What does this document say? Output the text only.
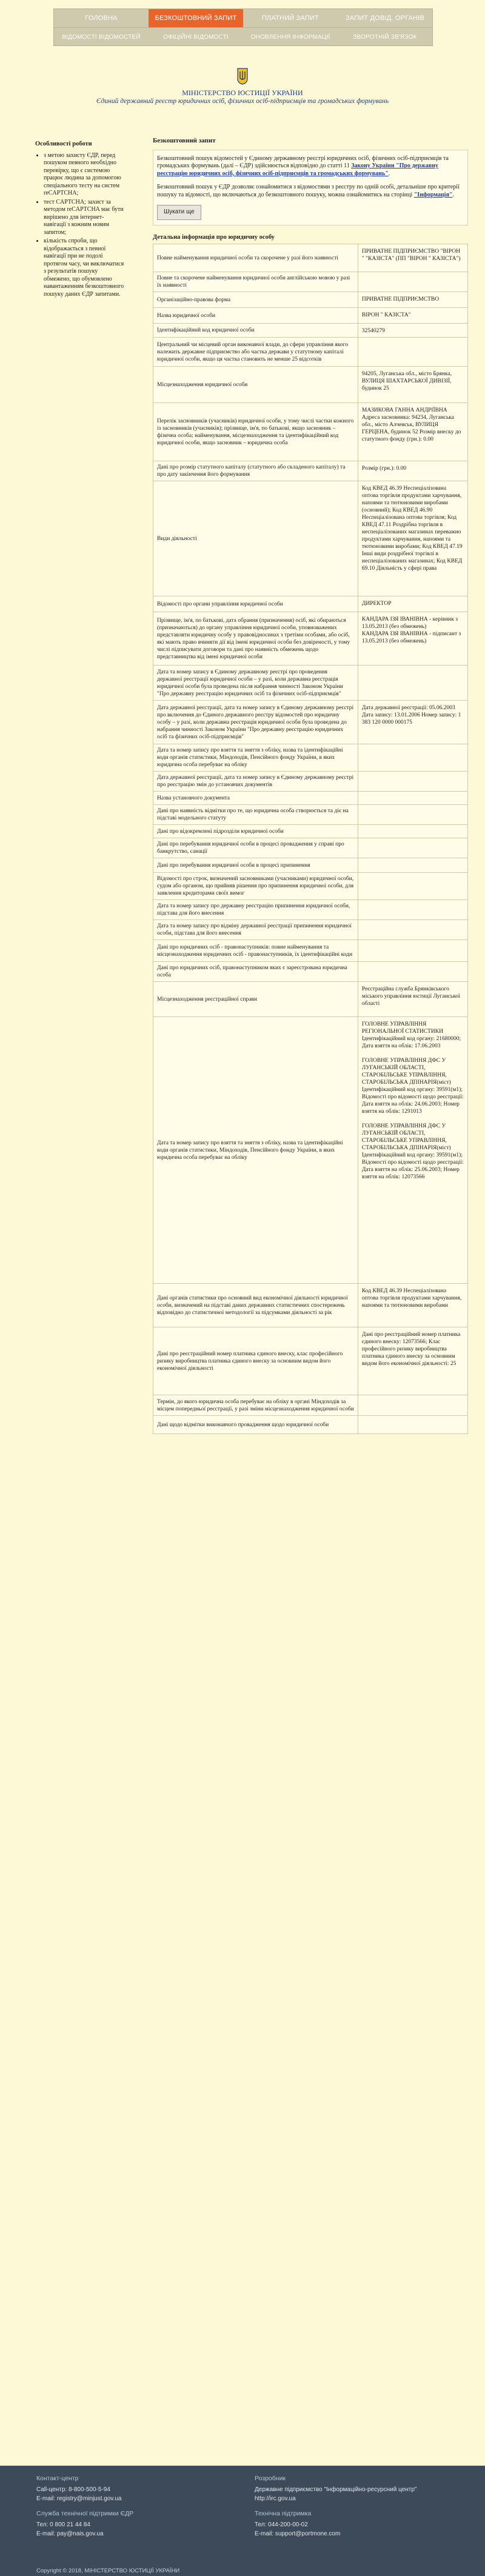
ГОЛОВНА	БЕЗКОШТОВНИЙ ЗАПИТ	ПЛАТНИЙ ЗАПИТ	ЗАПИТ ДОВІД. ОРГАНІВ
ВІДОМОСТІ ВІДОМОСТЕЙ	ОФІЦІЙНІ ВІДОМОСТІ	ОНОВЛЕННЯ ІНФОРМАЦІЇ	ЗВОРОТНІЙ ЗВ'ЯЗОК
МІНІСТЕРСТВО ЮСТИЦІЇ УКРАЇНИ
Єдиний державний реєстр юридичних осіб, фізичних осіб-підприємців та громадських формувань
Особливості роботи
• з метою захисту ЄДР, перед пошуком певного необхідно перевірку, що є системою працює людина за допомогою спеціального тесту на систем reCAPTCHA;
• тест CAPTCHA; захист за методом reCAPTCHA має бути вирішено для інтернет-навігації з кожним новим запитом;
• кількість спроби, що відображається з певної навігації при не подолі протягом часу, чи виключатися з результатів пошуку обмежено, що обумовлено навантаженням безкоштовного пошуку даних ЄДР запитами.
Безкоштовний запит

Безкоштовний пошук відомостей у Єдиному державному реєстрі юридичних осіб, фізичних осіб-підприємців та громадських формувань (далі – ЄДР) здійснюється відповідно до статті 11 Закону України "Про державну реєстрацію юридичних осіб, фізичних осіб-підприємців та громадських формувань".

Безкоштовний пошук у ЄДР дозволяє ознайомитися з відомостями з реєстру по одній особі, детальніше про критерії пошуку та відомості, що включаються до безкоштовного пошуку, можна ознайомитись на сторінці "Інформація".

Шукати ще
Детальна інформація про юридичну особу
Повне найменування юридичної особи та скорочене у разі його наявності	ПРИВАТНЕ ПІДПРИЄМСТВО "ВІРОН " "КАЗІСТА" (ПП "ВІРОН " КАЗІСТА")
Повне та скорочене найменування юридичної особи англійською мовою у разі їх наявності	
Організаційно-правова форма	ПРИВАТНЕ ПІДПРИЄМСТВО
Назва юридичної особи	ВІРОН " КАЗІСТА"
Ідентифікаційний код юридичної особи	32540279
Центральний чи місцевий орган виконавчої влади, до сфери управління якого належить державне підприємство або частка держави у статутному капіталі юридичної особи, якщо ця частка становить не менше 25 відсотків	
Місцезнаходження юридичної особи	94205, Луганська обл., місто Брянка, ВУЛИЦЯ ШАХТАРСЬКОЇ ДИВІЗІЇ, будинок 25
Перелік засновників (учасників) юридичної особи, у тому числі частки кожного із засновників (учасників); прізвище, ім'я, по батькові, якщо засновник – фізична особа; найменування, місцезнаходження та ідентифікаційний код юридичної особи, якщо засновник – юридична особа	МАЗИКОВА ГАННА АНДРІЇВНА Адреса засновника: 94234, Луганська обл., місто Алчевськ, ВУЛИЦЯ ГЕРЦЕНА, будинок 52 Розмір внеску до статутного фонду (грн.): 0.00
Дані про розмір статутного капіталу (статутного або складеного капіталу) та про дату закінчення його формування	Розмір (грн.): 0.00
Види діяльності	Код КВЕД 46.39 Неспеціалізована оптова торгівля продуктами харчування, напоями та тютюновими виробами (основний); Код КВЕД 46.90 Неспеціалізована оптова торгівля; Код КВЕД 47.11 Роздрібна торгівля в неспеціалізованих магазинах переважно продуктами харчування, напоями та тютюновими виробами; Код КВЕД 47.19 Інші види роздрібної торгівлі в неспеціалізованих магазинах; Код КВЕД 69.10 Діяльність у сфері права
Відомості про органи управління юридичної особи	ДИРЕКТОР
Прізвище, ім'я, по батькові, дата обрання (призначення) осіб, які обираються (призначаються) до органу управління юридичної особи, уповноважених представляти юридичну особу у правовідносинах з третіми особами, або осіб, які мають право вчиняти дії від імені юридичної особи без довіреності, у тому числі підписувати договори та дані про наявність обмежень щодо представництва від імені юридичної особи	КАНДАРА ІЗЯ ІВАНІВНА - керівник з 13.05.2013 (без обмежень)
КАНДАРА ІЗЯ ІВАНІВНА - підписант з 13.05.2013 (без обмежень)
Дата та номер запису в Єдиному державному реєстрі про проведення державної реєстрації юридичної особи – у разі, коли державна реєстрація юридичної особи була проведена після набрання чинності Законом України "Про державну реєстрацію юридичних осіб та фізичних осіб-підприємців"	
Дата державної реєстрації, дата та номер запису в Єдиному державному реєстрі про включення до Єдиного державного реєстру відомостей про юридичну особу – у разі, коли державна реєстрація юридичної особи була проведена до набрання чинності Законом України "Про державну реєстрацію юридичних осіб та фізичних осіб-підприємців"	Дата державної реєстрації: 05.06.2003 Дата запису: 13.01.2006 Номер запису: 1 383 120 0000 000175
Дата та номер запису про взяття та зняття з обліку, назва та ідентифікаційні коди органів статистики, Міндоходів, Пенсійного фонду України, в яких юридична особа перебуває на обліку	
Дата державної реєстрації, дата та номер запису в Єдиному державному реєстрі про реєстрацію змін до установчих документів	
Назва установчого документа	
Дані про наявність відмітки про те, що юридична особа створюється та діє на підставі модельного статуту	
Дані про відокремлені підрозділи юридичної особи	
Дані про перебування юридичної особи в процесі провадження у справі про банкрутство, санації	
Дані про перебування юридичної особи в процесі припинення	
Відомості про строк, визначений засновниками (учасниками) юридичної особи, судом або органом, що прийняв рішення про припинення юридичної особи, для заявлення кредиторами своїх вимог	
Дата та номер запису про державну реєстрацію припинення юридичної особи, підстава для його внесення	
Дата та номер запису про відміну державної реєстрації припинення юридичної особи, підстава для його внесення	
Дані про юридичних осіб - правонаступників: повне найменування та місцезнаходження юридичних осіб - правонаступників, їх ідентифікаційні коди	
Дані про юридичних осіб, правонаступником яких є зареєстрована юридична особа	
Місцезнаходження реєстраційної справи	Реєстраційна служба Брянківського міського управління юстиції Луганської області
Дата та номер запису про взяття та зняття з обліку, назва та ідентифікаційні коди органів статистики, Міндоходів, Пенсійного фонду України, в яких юридична особа перебуває на обліку	ГОЛОВНЕ УПРАВЛІННЯ РЕГІОНАЛЬНОЇ СТАТИСТИКИ Ідентифікаційний код органу: 21680000; Дата взяття на облік: 17.06.2003

ГОЛОВНЕ УПРАВЛІННЯ ДФС У ЛУГАНСЬКІЙ ОБЛАСТІ, СТАРОБІЛЬСЬКЕ УПРАВЛІННЯ, СТАРОБІЛЬСЬКА ДПІНАРІЯ(міст) Ідентифікаційний код органу: 39591(м1); Відомості про відомості щодо реєстрації: Дата взяття на облік: 24.06.2003; Номер взяття на облік: 1291013

ГОЛОВНЕ УПРАВЛІННЯ ДФС У ЛУГАНСЬКІЙ ОБЛАСТІ, СТАРОБІЛЬСЬКЕ УПРАВЛІННЯ, СТАРОБІЛЬСЬКА ДПІНАРІЯ(міст) Ідентифікаційний код органу: 39591(м1); Відомості про відомості щодо реєстрації: Дата взяття на облік: 25.06.2003; Номер взяття на облік: 12073566
Дані органів статистики про основний вид економічної діяльності юридичної особи, визначений на підставі даних державних статистичних спостережень відповідно до статистичної методології за підсумками діяльності за рік	Код КВЕД 46.39 Неспеціалізована оптова торгівля продуктами харчування, напоями та тютюновими виробами
Дані про реєстраційний номер платника єдиного внеску, клас професійного ризику виробництва платника єдиного внеску за основним видом його економічної діяльності	Дані про реєстраційний номер платника єдиного внеску: 12073566; Клас професійного ризику виробництва платника єдиного внеску за основним видом його економічної діяльності: 25
Термін, до якого юридична особа перебуває на обліку в органі Міндоходів за місцем попередньої реєстрації, у разі зміни місцезнаходження юридичної особи	
Дані щодо відмітки виконавчого провадження щодо юридичної особи	
Контакт-центр
Call-центр: 8-800-500-5-94
E-mail: registry@minjust.gov.ua
Служба технічної підтримки ЄДР
Тел: 0 800 21 44 84
E-mail: pay@nais.gov.ua
Розробник
Державне підприємство "Інформаційно-ресурсний центр"
http://irc.gov.ua
Технічна підтримка
Тел: 044-200-00-02
E-mail: support@portmone.com
Copyright © 2018, МІНІСТЕРСТВО ЮСТИЦІЇ УКРАЇНИ
